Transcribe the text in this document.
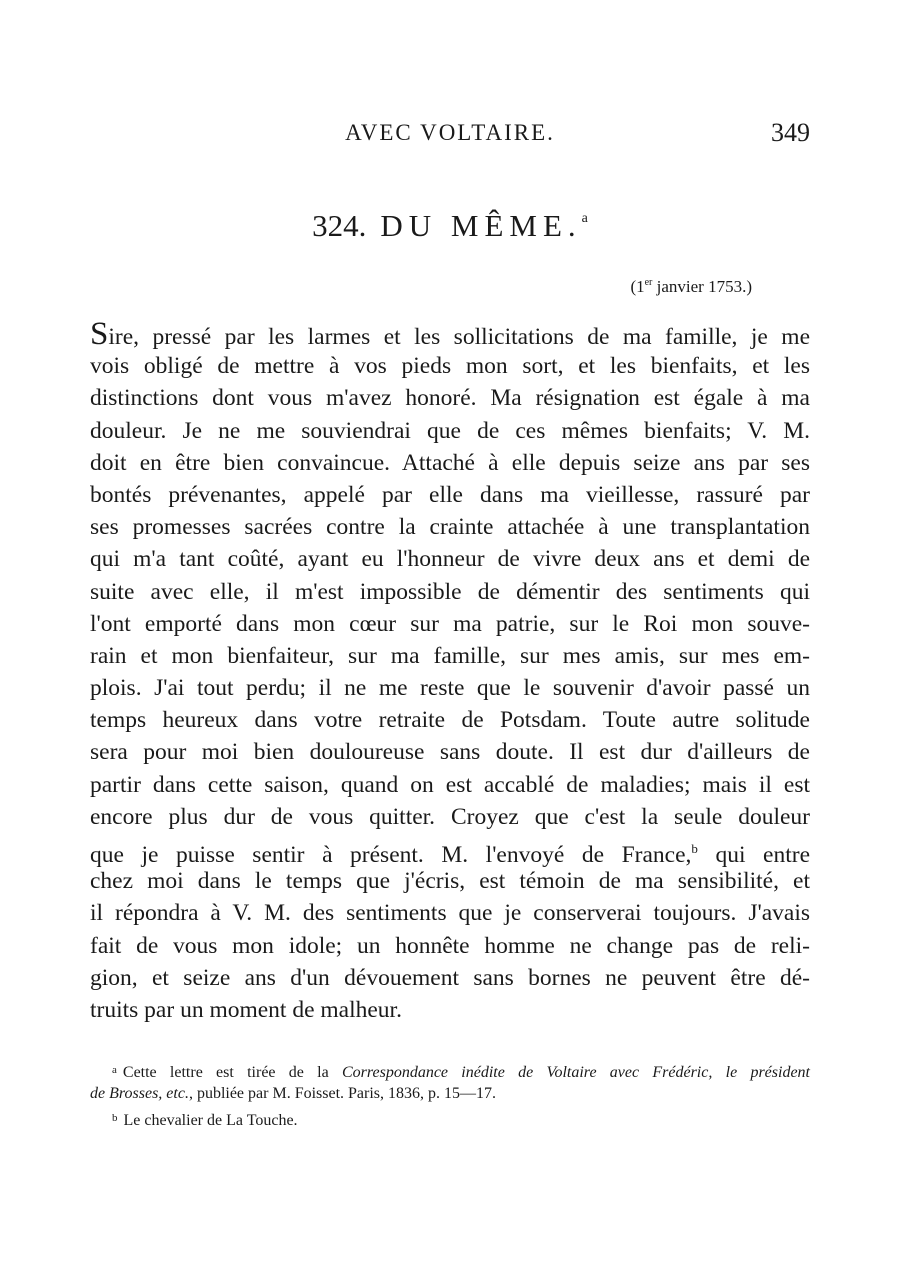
AVEC VOLTAIRE.	349
324. DU MÊME.$^a$
(1er janvier 1753.)
Sire, pressé par les larmes et les sollicitations de ma famille, je me
vois obligé de mettre à vos pieds mon sort, et les bienfaits, et les
distinctions dont vous m'avez honoré. Ma résignation est égale à ma
douleur. Je ne me souviendrai que de ces mêmes bienfaits; V. M.
doit en être bien convaincue. Attaché à elle depuis seize ans par ses
bontés prévenantes, appelé par elle dans ma vieillesse, rassuré par
ses promesses sacrées contre la crainte attachée à une transplantation
qui m'a tant coûté, ayant eu l'honneur de vivre deux ans et demi de
suite avec elle, il m'est impossible de démentir des sentiments qui
l'ont emporté dans mon cœur sur ma patrie, sur le Roi mon souve-
rain et mon bienfaiteur, sur ma famille, sur mes amis, sur mes em-
plois. J'ai tout perdu; il ne me reste que le souvenir d'avoir passé un
temps heureux dans votre retraite de Potsdam. Toute autre solitude
sera pour moi bien douloureuse sans doute. Il est dur d'ailleurs de
partir dans cette saison, quand on est accablé de maladies; mais il est
encore plus dur de vous quitter. Croyez que c'est la seule douleur
que je puisse sentir à présent. M. l'envoyé de France,$^b$ qui entre
chez moi dans le temps que j'écris, est témoin de ma sensibilité, et
il répondra à V. M. des sentiments que je conserverai toujours. J'avais
fait de vous mon idole; un honnête homme ne change pas de reli-
gion, et seize ans d'un dévouement sans bornes ne peuvent être dé-
truits par un moment de malheur.
$^a$ Cette lettre est tirée de la Correspondance inédite de Voltaire avec Frédéric, le président
de Brosses, etc., publiée par M. Foisset. Paris, 1836, p. 15—17.
$^b$ Le chevalier de La Touche.
